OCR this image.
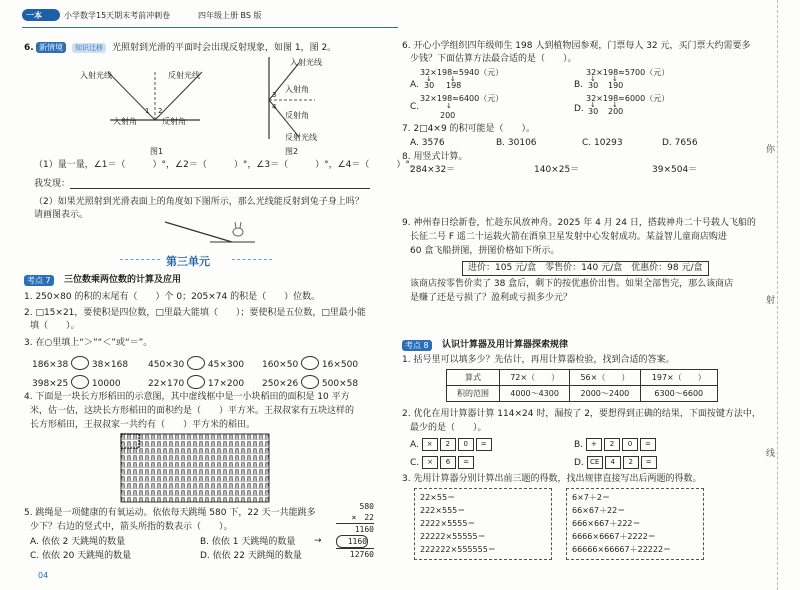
一本	小学数学15天期末考前冲刺卷	四年级上册 BS 版
6. 新情境	知识迁移	光照射到光滑的平面时会出现反射现象，如图 1，图 2。
入射光线	反射光线
入射角	反射角
1 2
图1
入射光线
入射角
反射角
反射光线
3
4
图2
（1）量一量，∠1＝（　　　）°，∠2＝（　　　）°，∠3＝（　　　）°，∠4＝（　　　）°。
我发现：
（2）如果光照射到光滑表面上的角度如下图所示，那么光线能反射到兔子身上吗？
请画图表示。
第三单元
考点 7	三位数乘两位数的计算及应用
1. 250×80 的积的末尾有（　　）个 0；205×74 的积是（　　）位数。
2. □15×21，要使积是四位数，□里最大能填（　　）；要使积是五位数，□里最小能
填（　　）。
3. 在○里填上“＞”“＜”或“＝”。
186×38	38×168 450×30	45×300 160×50	16×500
398×25	10000	22×170	17×200 250×26	500×58
4. 下面是一块长方形稻田的示意图，其中虚线框中是一小块稻田的面积是 10 平方
米，估一估，这块长方形稻田的面积约是（　　）平方米。王叔叔家有五块这样的
长方形稻田，王叔叔家一共约有（　　）平方米的稻田。
5. 跳绳是一项健康的有氧运动。依依每天跳绳 580 下，22 天一共能跳多
少下？右边的竖式中，箭头所指的数表示（　　）。
A. 依依 2 天跳绳的数量	B. 依依 1 天跳绳的数量
C. 依依 20 天跳绳的数量	D. 依依 22 天跳绳的数量
580
×　22
1160
1160
12760
→
04
6. 开心小学组织四年级师生 198 人到植物园参观，门票每人 32 元，买门票大约需要多
少钱？下面估算方法最合适的是（　　）。
32×198≈5940（元）
30
↓	↓
198
A.
32×198≈5700（元）
↓ ↓
30 190
B.
32×198≈6400（元）
↓
200
C.
32×198≈6000（元）
↓ ↓
30 200
D.
7. 2□4×9 的积可能是（　　）。
A. 3576	B. 30106	C. 10293	D. 7656
8. 用竖式计算。
284×32＝	140×25＝	39×504＝
9. 神州春日绘新卷，忙趁东风放神舟。2025 年 4 月 24 日，搭载神舟二十号载人飞船的
长征二号 F 遥二十运载火箭在酒泉卫星发射中心发射成功。某益智儿童商店购进
60 盒飞船拼图，拼图价格如下所示。
进价：105 元/盒　零售价：140 元/盒　优惠价：98 元/盒
该商店按零售价卖了 38 盒后，剩下的按优惠价出售。如果全部售完，那么该商店
是赚了还是亏损了？盈利或亏损多少元？
考点 8	认识计算器及用计算器探索规律
1. 括号里可以填多少？先估计，再用计算器检验，找到合适的答案。
算式	72×（　　）	56×（　　）	197×（　　）
积的范围	4000～4300	2000～2400	6300～6600
2. 优化在用计算器计算 114×24 时，漏按了 2，要想得到正确的结果，下面按键方法中，
最少的是（　　）。
A. × 2 0 =	B. + 2 0 =
C. × 6 =	D. CE 4 2 =
3. 先用计算器分别计算出前三题的得数，找出规律直接写出后两题的得数。
22×55＝
222×555＝
2222×5555＝
22222×55555＝
222222×555555＝
6×7＋2＝
66×67＋22＝
666×667＋222＝
6666×6667＋2222＝
66666×66667＋22222＝
你
射
线
